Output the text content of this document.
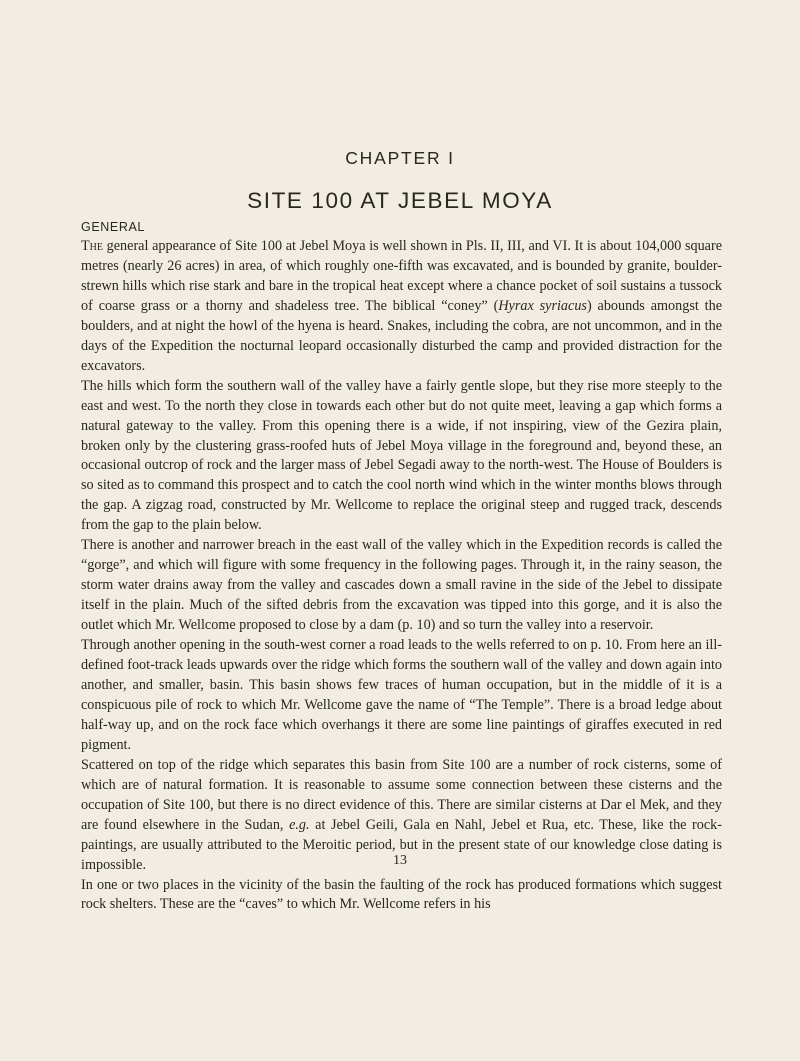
CHAPTER I
SITE 100 AT JEBEL MOYA
GENERAL

The general appearance of Site 100 at Jebel Moya is well shown in Pls. II, III, and VI. It is about 104,000 square metres (nearly 26 acres) in area, of which roughly one-fifth was excavated, and is bounded by granite, boulder-strewn hills which rise stark and bare in the tropical heat except where a chance pocket of soil sustains a tussock of coarse grass or a thorny and shadeless tree. The biblical “coney” (Hyrax syriacus) abounds amongst the boulders, and at night the howl of the hyena is heard. Snakes, including the cobra, are not uncommon, and in the days of the Expedition the nocturnal leopard occasionally disturbed the camp and provided distraction for the excavators.

The hills which form the southern wall of the valley have a fairly gentle slope, but they rise more steeply to the east and west. To the north they close in towards each other but do not quite meet, leaving a gap which forms a natural gateway to the valley. From this opening there is a wide, if not inspiring, view of the Gezira plain, broken only by the clustering grass-roofed huts of Jebel Moya village in the foreground and, beyond these, an occasional outcrop of rock and the larger mass of Jebel Segadi away to the north-west. The House of Boulders is so sited as to command this prospect and to catch the cool north wind which in the winter months blows through the gap. A zigzag road, constructed by Mr. Wellcome to replace the original steep and rugged track, descends from the gap to the plain below.

There is another and narrower breach in the east wall of the valley which in the Expedition records is called the “gorge”, and which will figure with some frequency in the following pages. Through it, in the rainy season, the storm water drains away from the valley and cascades down a small ravine in the side of the Jebel to dissipate itself in the plain. Much of the sifted debris from the excavation was tipped into this gorge, and it is also the outlet which Mr. Wellcome proposed to close by a dam (p. 10) and so turn the valley into a reservoir.

Through another opening in the south-west corner a road leads to the wells referred to on p. 10. From here an ill-defined foot-track leads upwards over the ridge which forms the southern wall of the valley and down again into another, and smaller, basin. This basin shows few traces of human occupation, but in the middle of it is a conspicuous pile of rock to which Mr. Wellcome gave the name of “The Temple”. There is a broad ledge about half-way up, and on the rock face which overhangs it there are some line paintings of giraffes executed in red pigment.

Scattered on top of the ridge which separates this basin from Site 100 are a number of rock cisterns, some of which are of natural formation. It is reasonable to assume some connection between these cisterns and the occupation of Site 100, but there is no direct evidence of this. There are similar cisterns at Dar el Mek, and they are found elsewhere in the Sudan, e.g. at Jebel Geili, Gala en Nahl, Jebel et Rua, etc. These, like the rock-paintings, are usually attributed to the Meroitic period, but in the present state of our knowledge close dating is impossible.

In one or two places in the vicinity of the basin the faulting of the rock has produced formations which suggest rock shelters. These are the “caves” to which Mr. Wellcome refers in his

13
